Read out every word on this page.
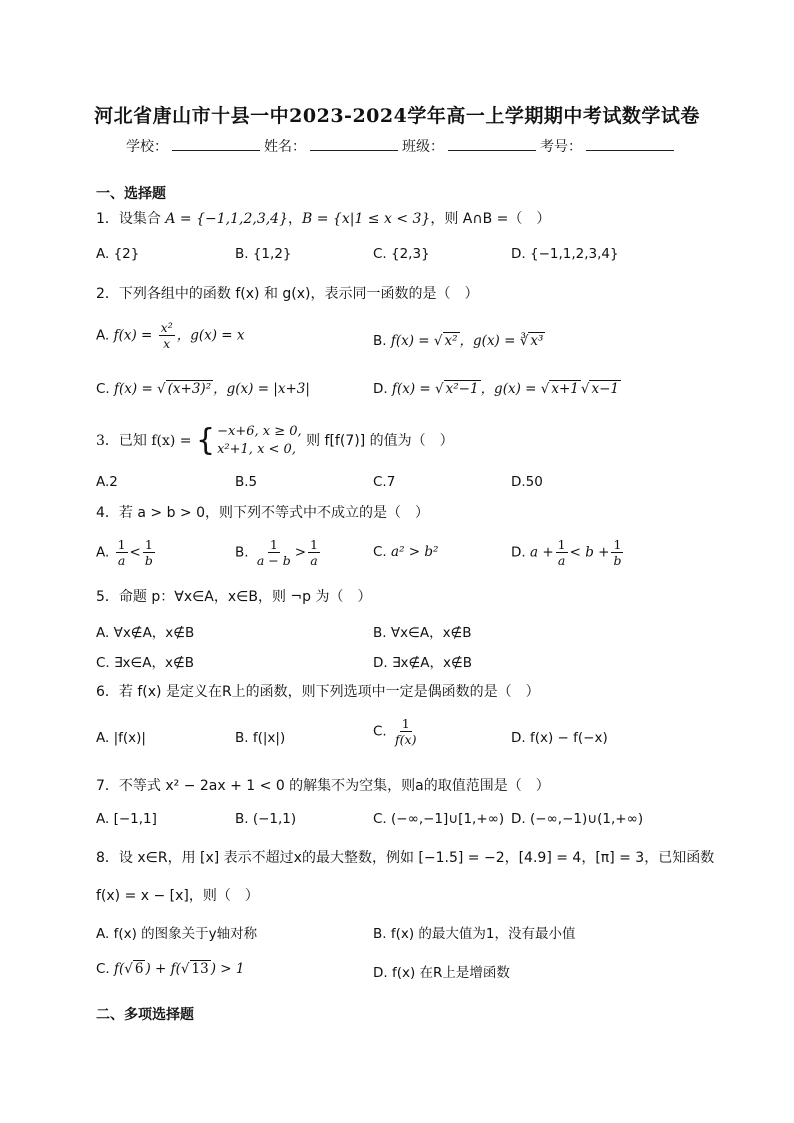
河北省唐山市十县一中2023-2024学年高一上学期期中考试数学试卷
学校：	姓名：	班级：	考号：
一、选择题
1．设集合 A = {−1,1,2,3,4}，B = {x|1 ≤ x < 3}，则 A∩B =（　）
A. {2}	B. {1,2}	C. {2,3}	D. {−1,1,2,3,4}
2．下列各组中的函数 f(x) 和 g(x)，表示同一函数的是（　）
A. $f(x) = \frac{\text{x²}}{x}$ ，g(x) = x	B. f(x) = √ x² ，g(x) = ∛ x³
C. f(x) = √ (x+3)² ，g(x) = |x+3|	D. f(x) = √ x²−1 ，g(x) = √ x+1 √ x−1
3．已知 f(x) = { −x+6, x ≥ 0,
x²+1, x < 0,
则 f[f(7)] 的值为（　）
A.2	B.5	C.7	D.50
4．若 a > b > 0，则下列不等式中不成立的是（　）
A. $\frac{1}{a} < \frac{1}{b}$	B. $\frac{1}{a - b} > \frac{1}{a}$	C. a² > b²	D. $a + \frac{1}{a} < b + \frac{1}{b}$
5．命题 p：∀x∈A，x∈B，则 ¬p 为（　）
A. ∀x∉A，x∉B	B. ∀x∈A，x∉B
C. ∃x∈A，x∉B	D. ∃x∉A，x∉B
6．若 f(x) 是定义在R上的函数，则下列选项中一定是偶函数的是（　）
A. |f(x)|	B. f(|x|)	C. $\frac{1}{f(x)}$	D. f(x) − f(−x)
7．不等式 x² − 2ax + 1 < 0 的解集不为空集，则a的取值范围是（　）
A. [−1,1]	B. (−1,1)	C. (−∞,−1]∪[1,+∞) D. (−∞,−1)∪(1,+∞)
8．设 x∈R，用 [x] 表示不超过x的最大整数，例如 [−1.5] = −2，[4.9] = 4，[π] = 3，已知函数
f(x) = x − [x]，则（　）
A. f(x) 的图象关于y轴对称	B. f(x) 的最大值为1，没有最小值
C. f(√ 6 ) + f(√ 13 ) > 1	D. f(x) 在R上是增函数
二、多项选择题
